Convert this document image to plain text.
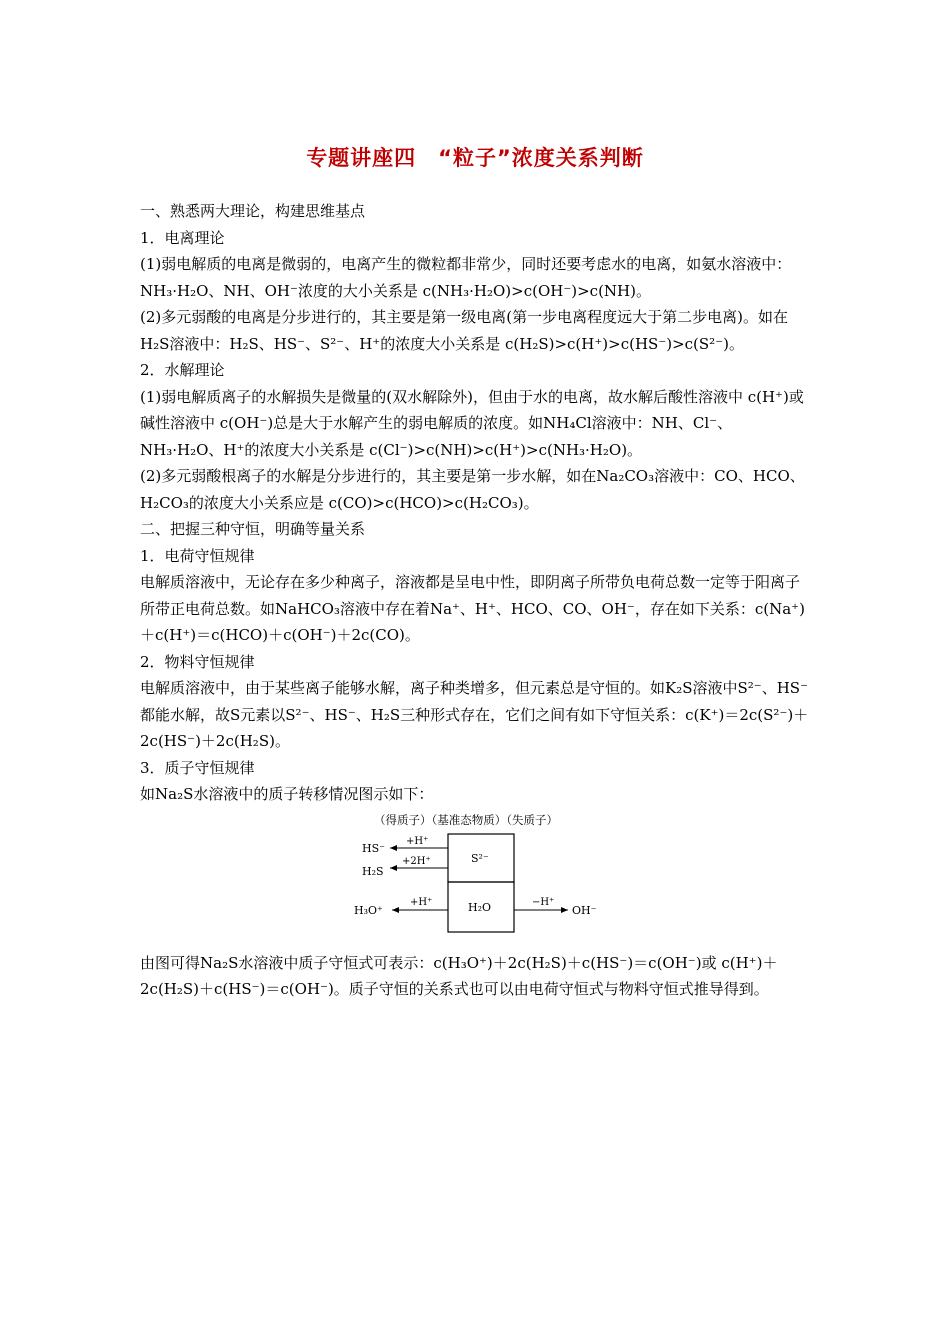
专题讲座四　“粒子”浓度关系判断

一、熟悉两大理论，构建思维基点

1．电离理论

(1)弱电解质的电离是微弱的，电离产生的微粒都非常少，同时还要考虑水的电离，如氨水溶液中：NH₃·H₂O、NH、OH⁻浓度的大小关系是 c(NH₃·H₂O)>c(OH⁻)>c(NH)。

(2)多元弱酸的电离是分步进行的，其主要是第一级电离(第一步电离程度远大于第二步电离)。如在H₂S溶液中：H₂S、HS⁻、S²⁻、H⁺的浓度大小关系是 c(H₂S)>c(H⁺)>c(HS⁻)>c(S²⁻)。

2．水解理论

(1)弱电解质离子的水解损失是微量的(双水解除外)，但由于水的电离，故水解后酸性溶液中 c(H⁺)或碱性溶液中 c(OH⁻)总是大于水解产生的弱电解质的浓度。如NH₄Cl溶液中：NH、Cl⁻、NH₃·H₂O、H⁺的浓度大小关系是 c(Cl⁻)>c(NH)>c(H⁺)>c(NH₃·H₂O)。

(2)多元弱酸根离子的水解是分步进行的，其主要是第一步水解，如在Na₂CO₃溶液中：CO、HCO、H₂CO₃的浓度大小关系应是 c(CO)>c(HCO)>c(H₂CO₃)。

二、把握三种守恒，明确等量关系

1．电荷守恒规律

电解质溶液中，无论存在多少种离子，溶液都是呈电中性，即阴离子所带负电荷总数一定等于阳离子所带正电荷总数。如NaHCO₃溶液中存在着Na⁺、H⁺、HCO、CO、OH⁻，存在如下关系：c(Na⁺)＋c(H⁺)＝c(HCO)＋c(OH⁻)＋2c(CO)。

2．物料守恒规律

电解质溶液中，由于某些离子能够水解，离子种类增多，但元素总是守恒的。如K₂S溶液中S²⁻、HS⁻都能水解，故S元素以S²⁻、HS⁻、H₂S三种形式存在，它们之间有如下守恒关系：c(K⁺)＝2c(S²⁻)＋2c(HS⁻)＋2c(H₂S)。

3．质子守恒规律

如Na₂S水溶液中的质子转移情况图示如下：

（得质子）（基准态物质）（失质子）
S²⁻
H₂O
+H⁺
HS⁻
+2H⁺
H₂S
+H⁺
H₃O⁺
−H⁺
OH⁻

由图可得Na₂S水溶液中质子守恒式可表示：c(H₃O⁺)＋2c(H₂S)＋c(HS⁻)＝c(OH⁻)或 c(H⁺)＋2c(H₂S)＋c(HS⁻)＝c(OH⁻)。质子守恒的关系式也可以由电荷守恒式与物料守恒式推导得到。
